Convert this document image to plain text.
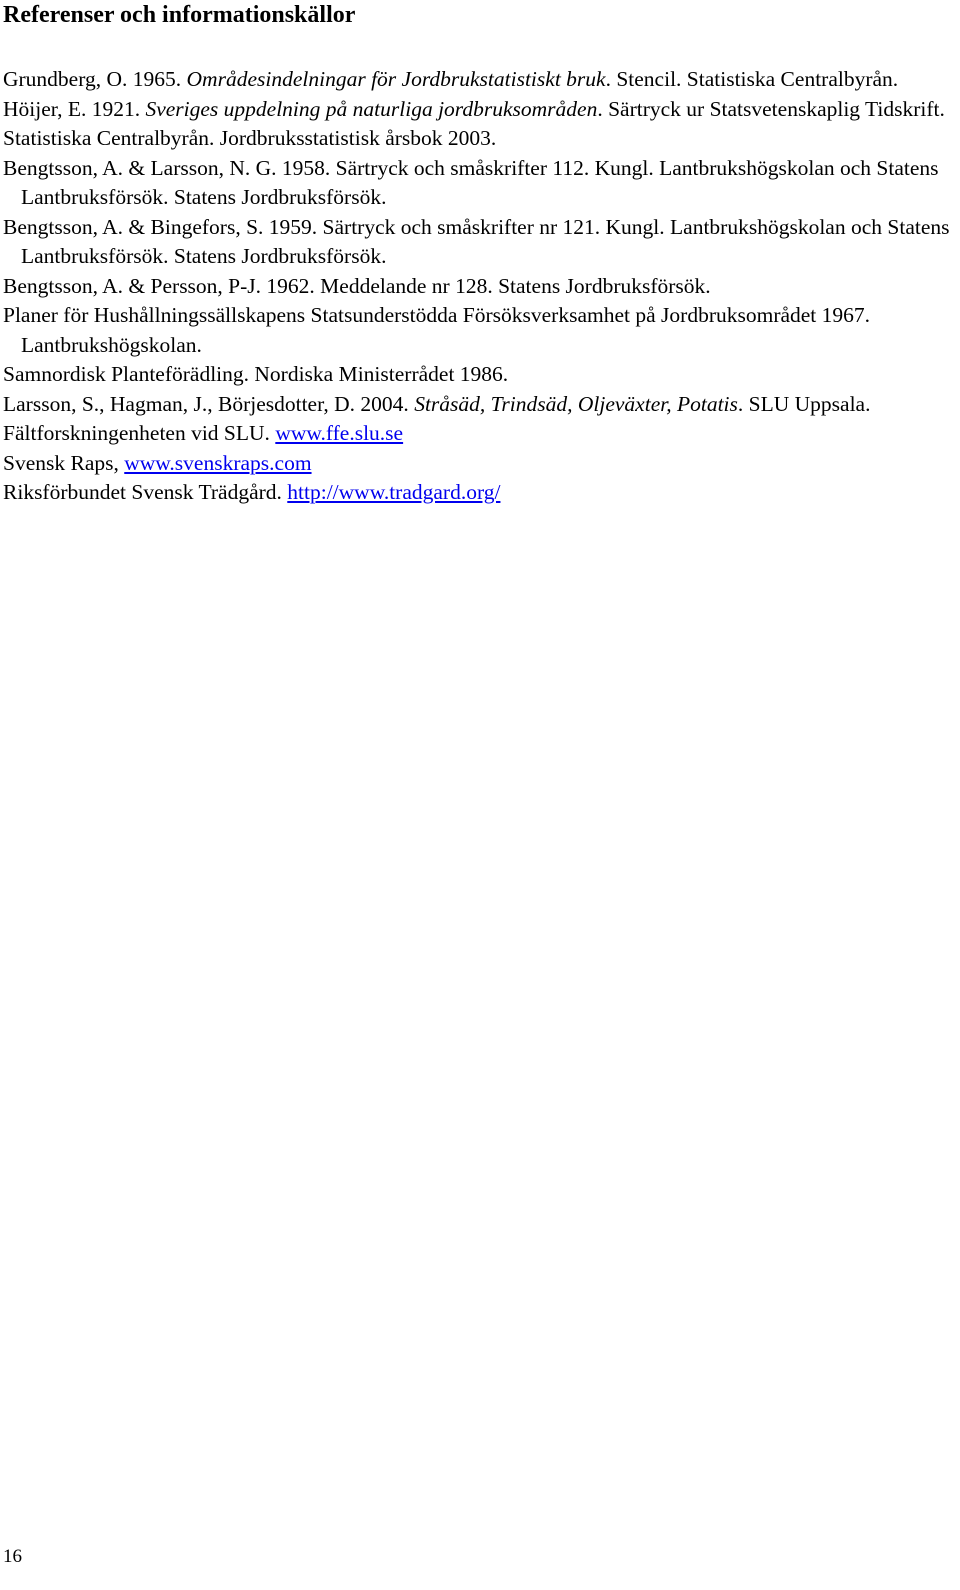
Referenser och informationskällor
Grundberg, O. 1965. Områdesindelningar för Jordbrukstatistiskt bruk. Stencil. Statistiska Centralbyrån.
Höijer, E. 1921. Sveriges uppdelning på naturliga jordbruksområden. Särtryck ur Statsvetenskaplig Tidskrift.
Statistiska Centralbyrån. Jordbruksstatistisk årsbok 2003.
Bengtsson, A. & Larsson, N. G. 1958. Särtryck och småskrifter 112. Kungl. Lantbrukshögskolan och Statens Lantbruksförsök. Statens Jordbruksförsök.
Bengtsson, A. & Bingefors, S. 1959. Särtryck och småskrifter nr 121. Kungl. Lantbrukshögskolan och Statens Lantbruksförsök. Statens Jordbruksförsök.
Bengtsson, A. & Persson, P-J. 1962. Meddelande nr 128. Statens Jordbruksförsök.
Planer för Hushållningssällskapens Statsunderstödda Försöksverksamhet på Jordbruksområdet 1967. Lantbrukshögskolan.
Samnordisk Planteförädling. Nordiska Ministerrådet 1986.
Larsson, S., Hagman, J., Börjesdotter, D. 2004. Stråsäd, Trindsäd, Oljeväxter, Potatis. SLU Uppsala.
Fältforskningenheten vid SLU. www.ffe.slu.se
Svensk Raps, www.svenskraps.com
Riksförbundet Svensk Trädgård. http://www.tradgard.org/
16
